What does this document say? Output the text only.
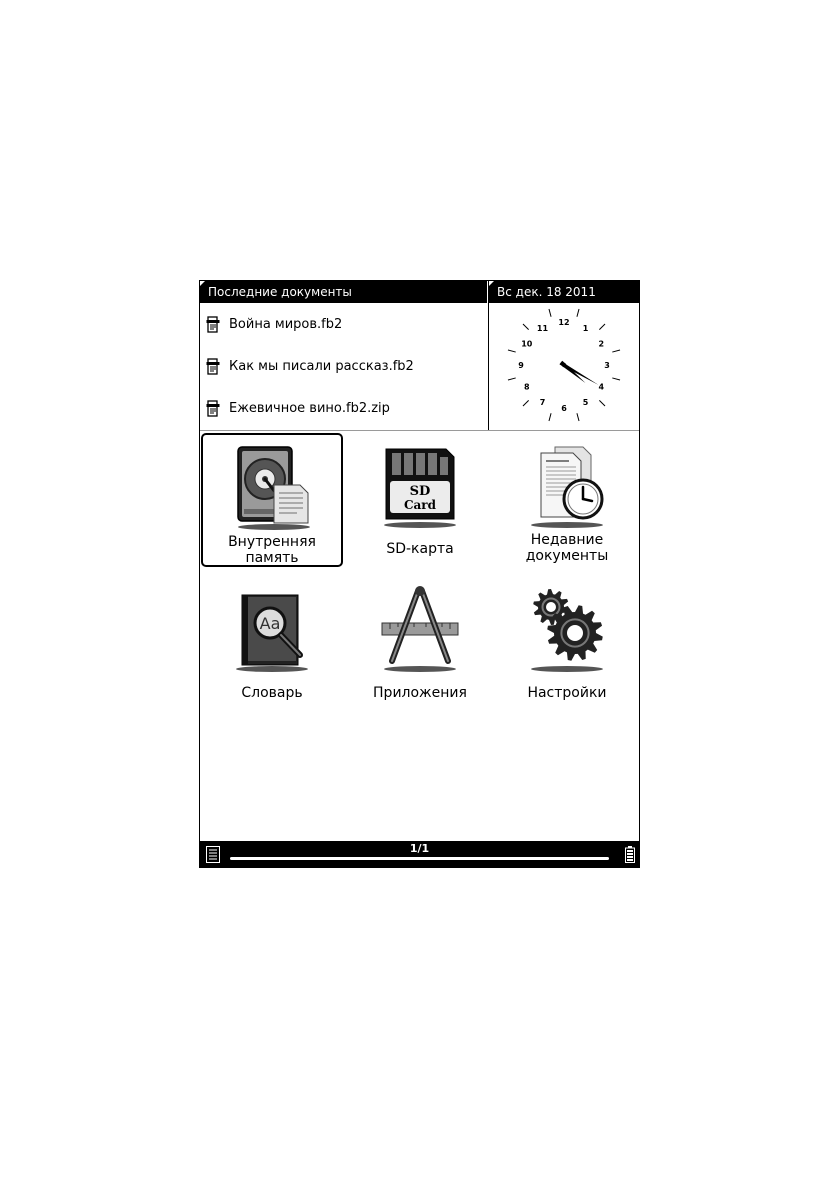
Последние документы	Вс дек. 18 2011
Война миров.fb2
Как мы писали рассказ.fb2
Ежевичное вино.fb2.zip
12
1
2
3
4
5
6
7
8
9
10
11
Внутренняя
память
SD
Card
SD-карта
Недавние
документы
Aa
Словарь	Приложения	Настройки
1/1
